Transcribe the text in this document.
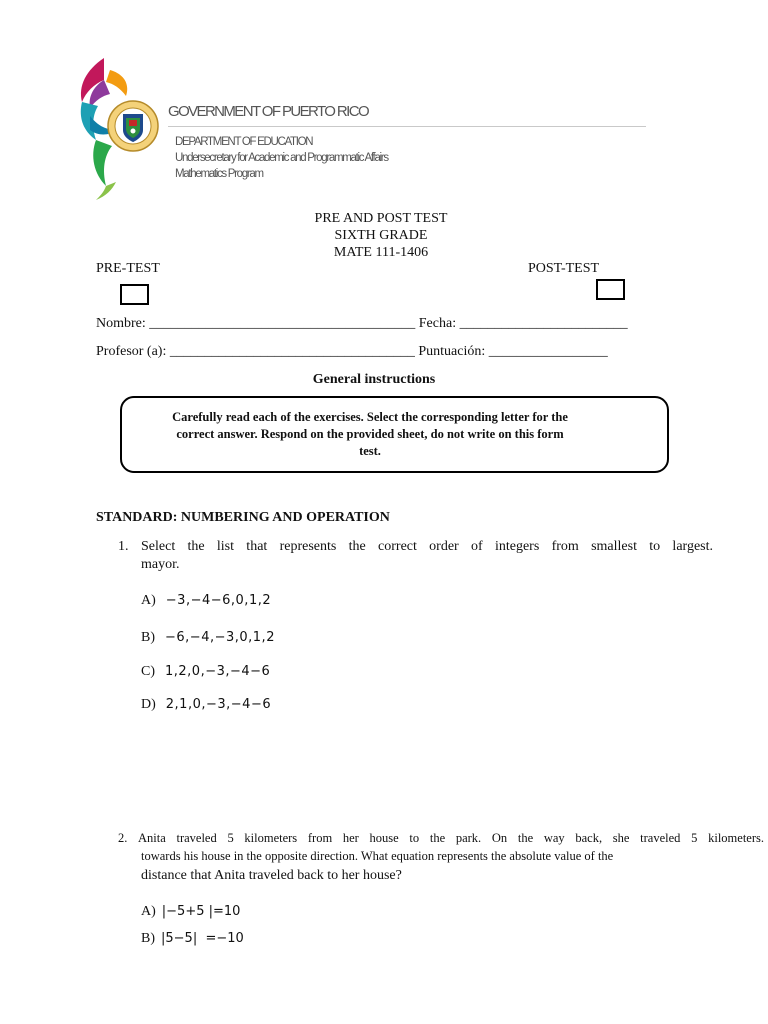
GOVERNMENT OF PUERTO RICO
DEPARTMENT OF EDUCATION
Undersecretary for Academic and Programmatic Affairs
Mathematics Program
PRE AND POST TEST
SIXTH GRADE
MATE 111-1406
PRE-TEST	POST-TEST
Nombre: ______________________________________ Fecha: ________________________
Profesor (a): ___________________________________ Puntuación: _________________
General instructions
Carefully read each of the exercises. Select the corresponding letter for the
correct answer. Respond on the provided sheet, do not write on this form
test.
STANDARD: NUMBERING AND OPERATION
1. Select the list that represents the correct order of integers from smallest to largest.
mayor.
A) −3,−4−6,0,1,2
B) −6,−4,−3,0,1,2
C) 1,2,0,−3,−4−6
D) 2,1,0,−3,−4−6
2. Anita traveled 5 kilometers from her house to the park. On the way back, she traveled 5 kilometers.
towards his house in the opposite direction. What equation represents the absolute value of the
distance that Anita traveled back to her house?
A) |−5+5 |=10
B) |5−5|  =−10
